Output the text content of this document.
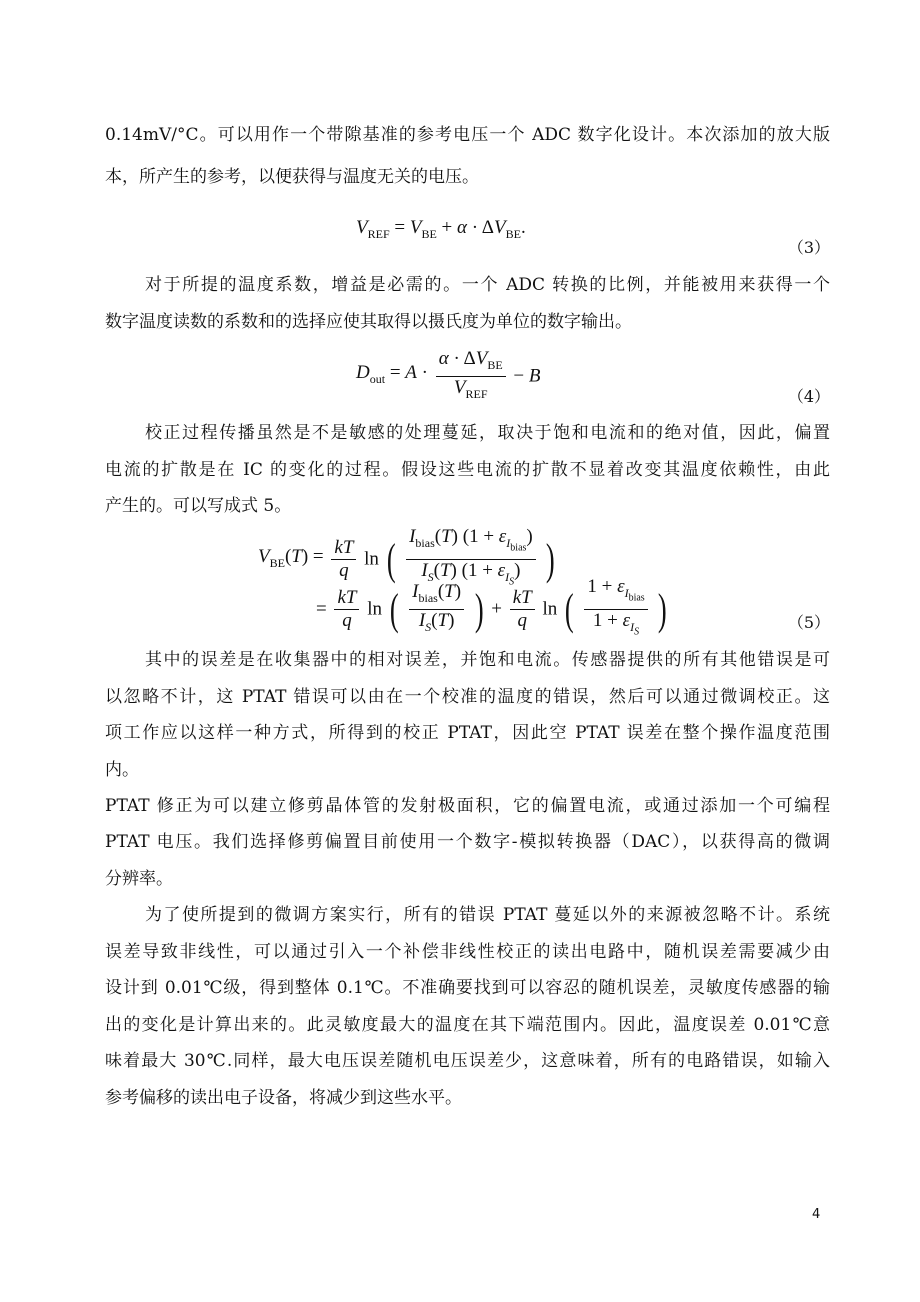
0.14mV/°C。可以用作一个带隙基准的参考电压一个 ADC 数字化设计。本次添加的放大版
本，所产生的参考，以便获得与温度无关的电压。
$V_{REF} = V_{BE} + \alpha \cdot \Delta V_{BE}$.
（3）
对于所提的温度系数，增益是必需的。一个 ADC 转换的比例，并能被用来获得一个
数字温度读数的系数和的选择应使其取得以摄氏度为单位的数字输出。
$D_{out} = A \cdot \frac{\alpha \cdot \Delta V_{BE}}{V_{REF}} - B$
（4）
校正过程传播虽然是不是敏感的处理蔓延，取决于饱和电流和的绝对值，因此，偏置
电流的扩散是在 IC 的变化的过程。假设这些电流的扩散不显着改变其温度依赖性，由此
产生的。可以写成式 5。
$V_{BE}(T) = \frac{kT}{q}$ ln ( $\frac{I_{bias}(T) (1 + \varepsilon_{I_{bias}})}{I_S(T) (1 + \varepsilon_{I_S})}$ )
= $\frac{kT}{q}$ ln ( $\frac{I_{bias}(T)}{I_S(T)}$ ) + $\frac{kT}{q}$ ln ( $\frac{1 + \varepsilon_{I_{bias}}}{1 + \varepsilon_{I_S}}$ )	（5）
其中的误差是在收集器中的相对误差，并饱和电流。传感器提供的所有其他错误是可
以忽略不计，这 PTAT 错误可以由在一个校准的温度的错误，然后可以通过微调校正。这
项工作应以这样一种方式，所得到的校正 PTAT，因此空 PTAT 误差在整个操作温度范围
内。
PTAT 修正为可以建立修剪晶体管的发射极面积，它的偏置电流，或通过添加一个可编程
PTAT 电压。我们选择修剪偏置目前使用一个数字-模拟转换器（DAC），以获得高的微调
分辨率。
为了使所提到的微调方案实行，所有的错误 PTAT 蔓延以外的来源被忽略不计。系统
误差导致非线性，可以通过引入一个补偿非线性校正的读出电路中，随机误差需要减少由
设计到 0.01℃级，得到整体 0.1℃。不准确要找到可以容忍的随机误差，灵敏度传感器的输
出的变化是计算出来的。此灵敏度最大的温度在其下端范围内。因此，温度误差 0.01℃意
味着最大 30℃.同样，最大电压误差随机电压误差少，这意味着，所有的电路错误，如输入
参考偏移的读出电子设备，将减少到这些水平。
4
